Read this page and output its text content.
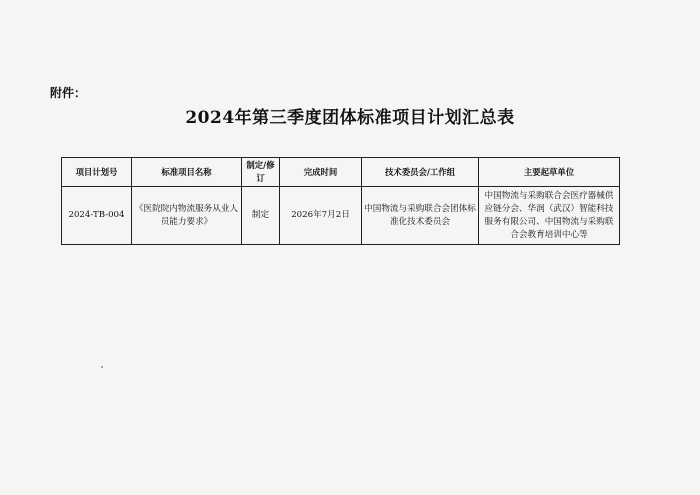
附件：
2024年第三季度团体标准项目计划汇总表
项目计划号	标准项目名称	制定/修订	完成时间	技术委员会/工作组	主要起草单位
2024-TB-004	《医院院内物流服务从业人员能力要求》	制定	2026年7月2日	中国物流与采购联合会团体标准化技术委员会	中国物流与采购联合会医疗器械供应链分会、华润（武汉）智能科技服务有限公司、中国物流与采购联合会教育培训中心等
